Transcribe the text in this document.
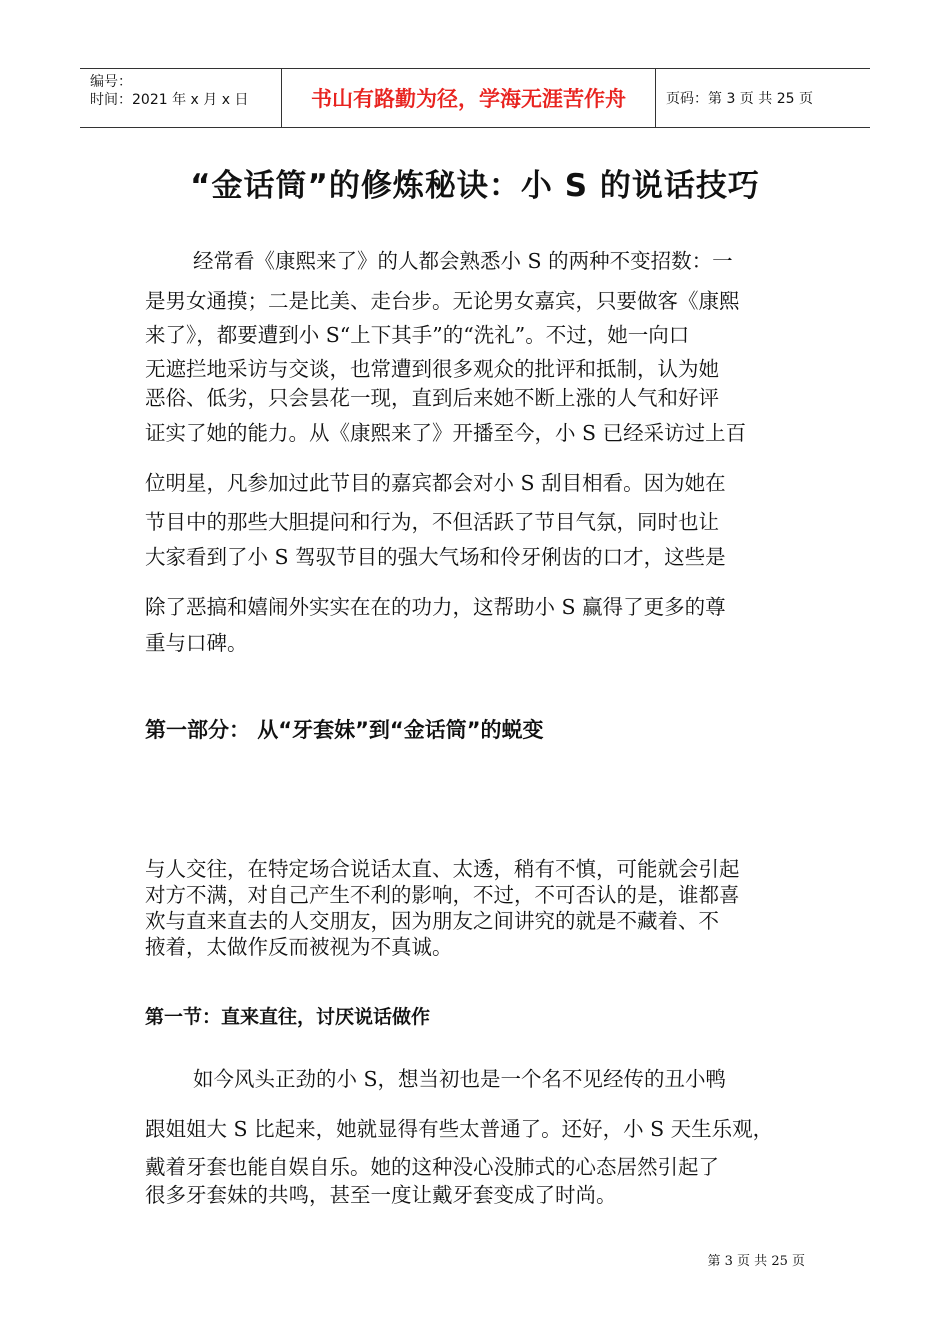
编号：
时间：2021 年 x 月 x 日	书山有路勤为径，学海无涯苦作舟	页码：第 3 页 共 25 页
“金话筒”的修炼秘诀：小 S 的说话技巧
经常看《康熙来了》的人都会熟悉小 S 的两种不变招数：一
是男女通摸；二是比美、走台步。无论男女嘉宾，只要做客《康熙
来了》，都要遭到小 S“上下其手”的“洗礼”。不过，她一向口
无遮拦地采访与交谈，也常遭到很多观众的批评和抵制，认为她
恶俗、低劣，只会昙花一现，直到后来她不断上涨的人气和好评
证实了她的能力。从《康熙来了》开播至今，小 S 已经采访过上百
位明星，凡参加过此节目的嘉宾都会对小 S 刮目相看。因为她在
节目中的那些大胆提问和行为，不但活跃了节目气氛，同时也让
大家看到了小 S 驾驭节目的强大气场和伶牙俐齿的口才，这些是
除了恶搞和嬉闹外实实在在的功力，这帮助小 S 赢得了更多的尊
重与口碑。
第一部分： 从“牙套妹”到“金话筒”的蜕变
与人交往，在特定场合说话太直、太透，稍有不慎，可能就会引起
对方不满，对自己产生不利的影响，不过，不可否认的是，谁都喜
欢与直来直去的人交朋友，因为朋友之间讲究的就是不藏着、不
掖着，太做作反而被视为不真诚。
第一节：直来直往，讨厌说话做作
如今风头正劲的小 S，想当初也是一个名不见经传的丑小鸭
跟姐姐大 S 比起来，她就显得有些太普通了。还好，小 S 天生乐观，
戴着牙套也能自娱自乐。她的这种没心没肺式的心态居然引起了
很多牙套妹的共鸣，甚至一度让戴牙套变成了时尚。
第 3 页 共 25 页
